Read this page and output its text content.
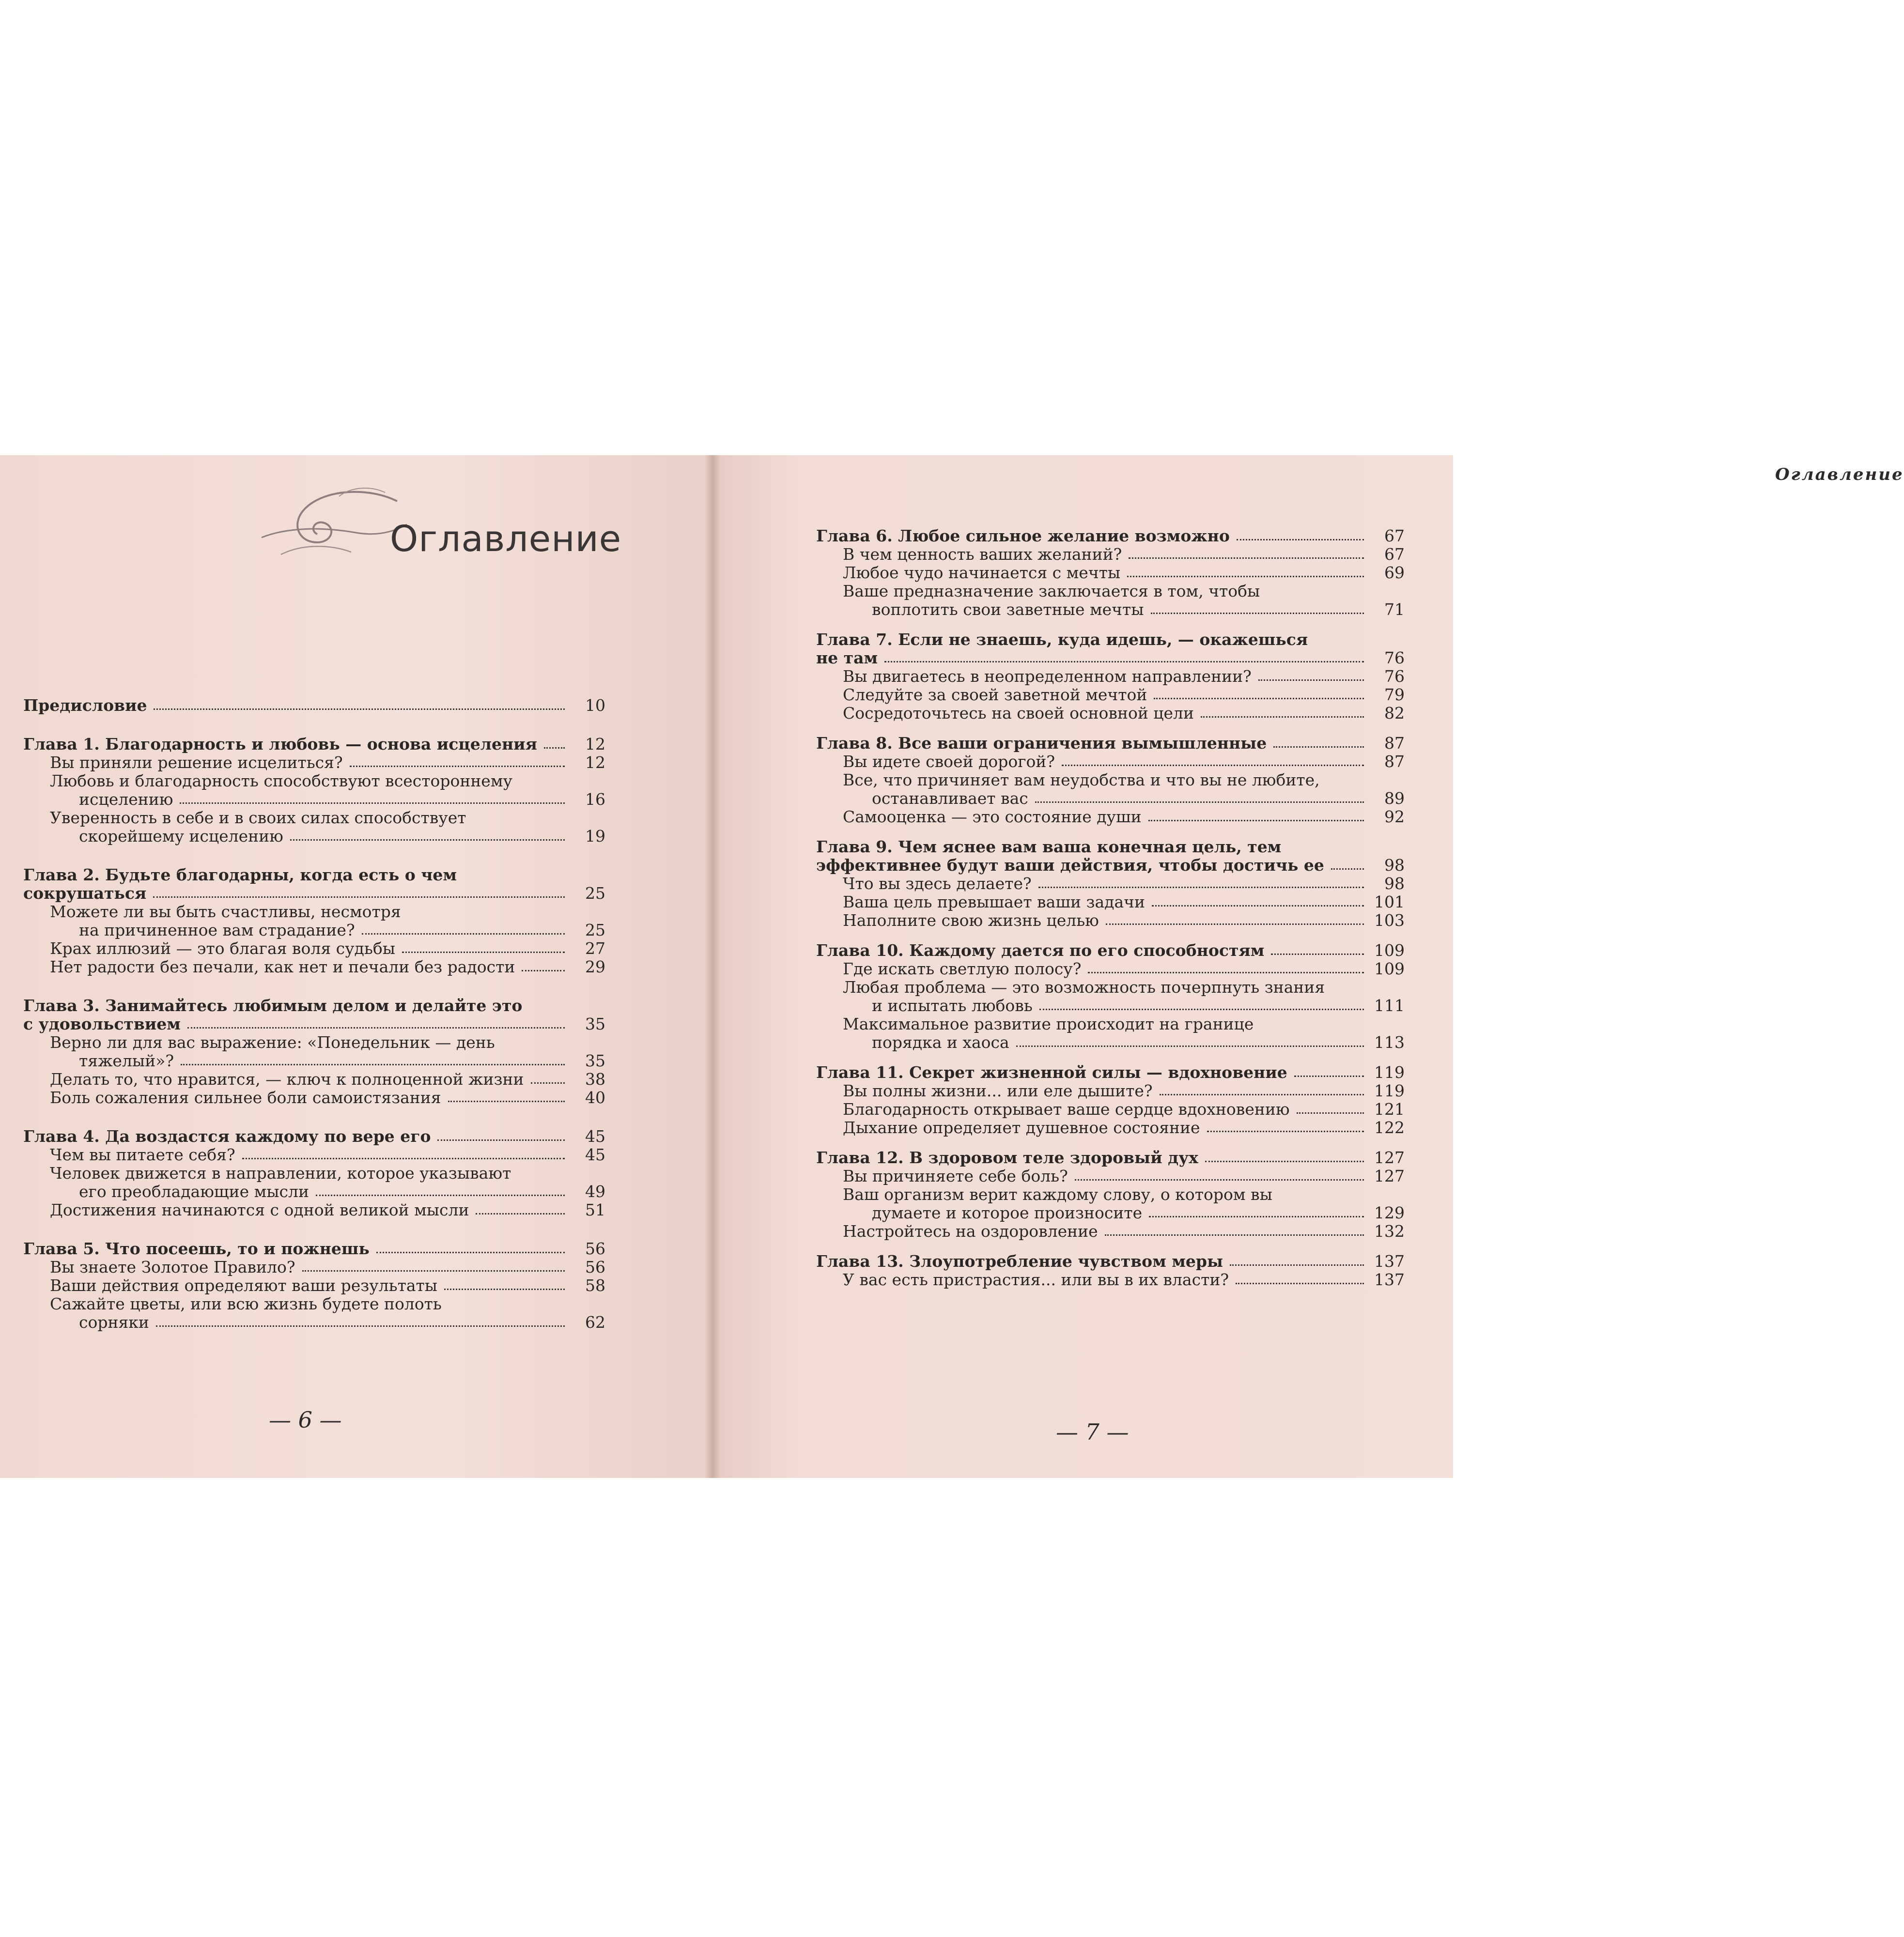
Оглавление
Предисловие	10
Глава 1. Благодарность и любовь — основа исцеления	12
Вы приняли решение исцелиться?	12
Любовь и благодарность способствуют всестороннему
исцелению	16
Уверенность в себе и в своих силах способствует
скорейшему исцелению	19
Глава 2. Будьте благодарны, когда есть о чем
сокрушаться	25
Можете ли вы быть счастливы, несмотря
на причиненное вам страдание?	25
Крах иллюзий — это благая воля судьбы	27
Нет радости без печали, как нет и печали без радости	29
Глава 3. Занимайтесь любимым делом и делайте это
с удовольствием	35
Верно ли для вас выражение: «Понедельник — день
тяжелый»?	35
Делать то, что нравится, — ключ к полноценной жизни	38
Боль сожаления сильнее боли самоистязания	40
Глава 4. Да воздастся каждому по вере его	45
Чем вы питаете себя?	45
Человек движется в направлении, которое указывают
его преобладающие мысли	49
Достижения начинаются с одной великой мысли	51
Глава 5. Что посеешь, то и пожнешь	56
Вы знаете Золотое Правило?	56
Ваши действия определяют ваши результаты	58
Сажайте цветы, или всю жизнь будете полоть
сорняки	62
— 6 —
Оглавление
Глава 6. Любое сильное желание возможно	67
В чем ценность ваших желаний?	67
Любое чудо начинается с мечты	69
Ваше предназначение заключается в том, чтобы
воплотить свои заветные мечты	71
Глава 7. Если не знаешь, куда идешь, — окажешься
не там	76
Вы двигаетесь в неопределенном направлении?	76
Следуйте за своей заветной мечтой	79
Сосредоточьтесь на своей основной цели	82
Глава 8. Все ваши ограничения вымышленные	87
Вы идете своей дорогой?	87
Все, что причиняет вам неудобства и что вы не любите,
останавливает вас	89
Самооценка — это состояние души	92
Глава 9. Чем яснее вам ваша конечная цель, тем
эффективнее будут ваши действия, чтобы достичь ее	98
Что вы здесь делаете?	98
Ваша цель превышает ваши задачи	101
Наполните свою жизнь целью	103
Глава 10. Каждому дается по его способностям	109
Где искать светлую полосу?	109
Любая проблема — это возможность почерпнуть знания
и испытать любовь	111
Максимальное развитие происходит на границе
порядка и хаоса	113
Глава 11. Секрет жизненной силы — вдохновение	119
Вы полны жизни... или еле дышите?	119
Благодарность открывает ваше сердце вдохновению	121
Дыхание определяет душевное состояние	122
Глава 12. В здоровом теле здоровый дух	127
Вы причиняете себе боль?	127
Ваш организм верит каждому слову, о котором вы
думаете и которое произносите	129
Настройтесь на оздоровление	132
Глава 13. Злоупотребление чувством меры	137
У вас есть пристрастия... или вы в их власти?	137
— 7 —
